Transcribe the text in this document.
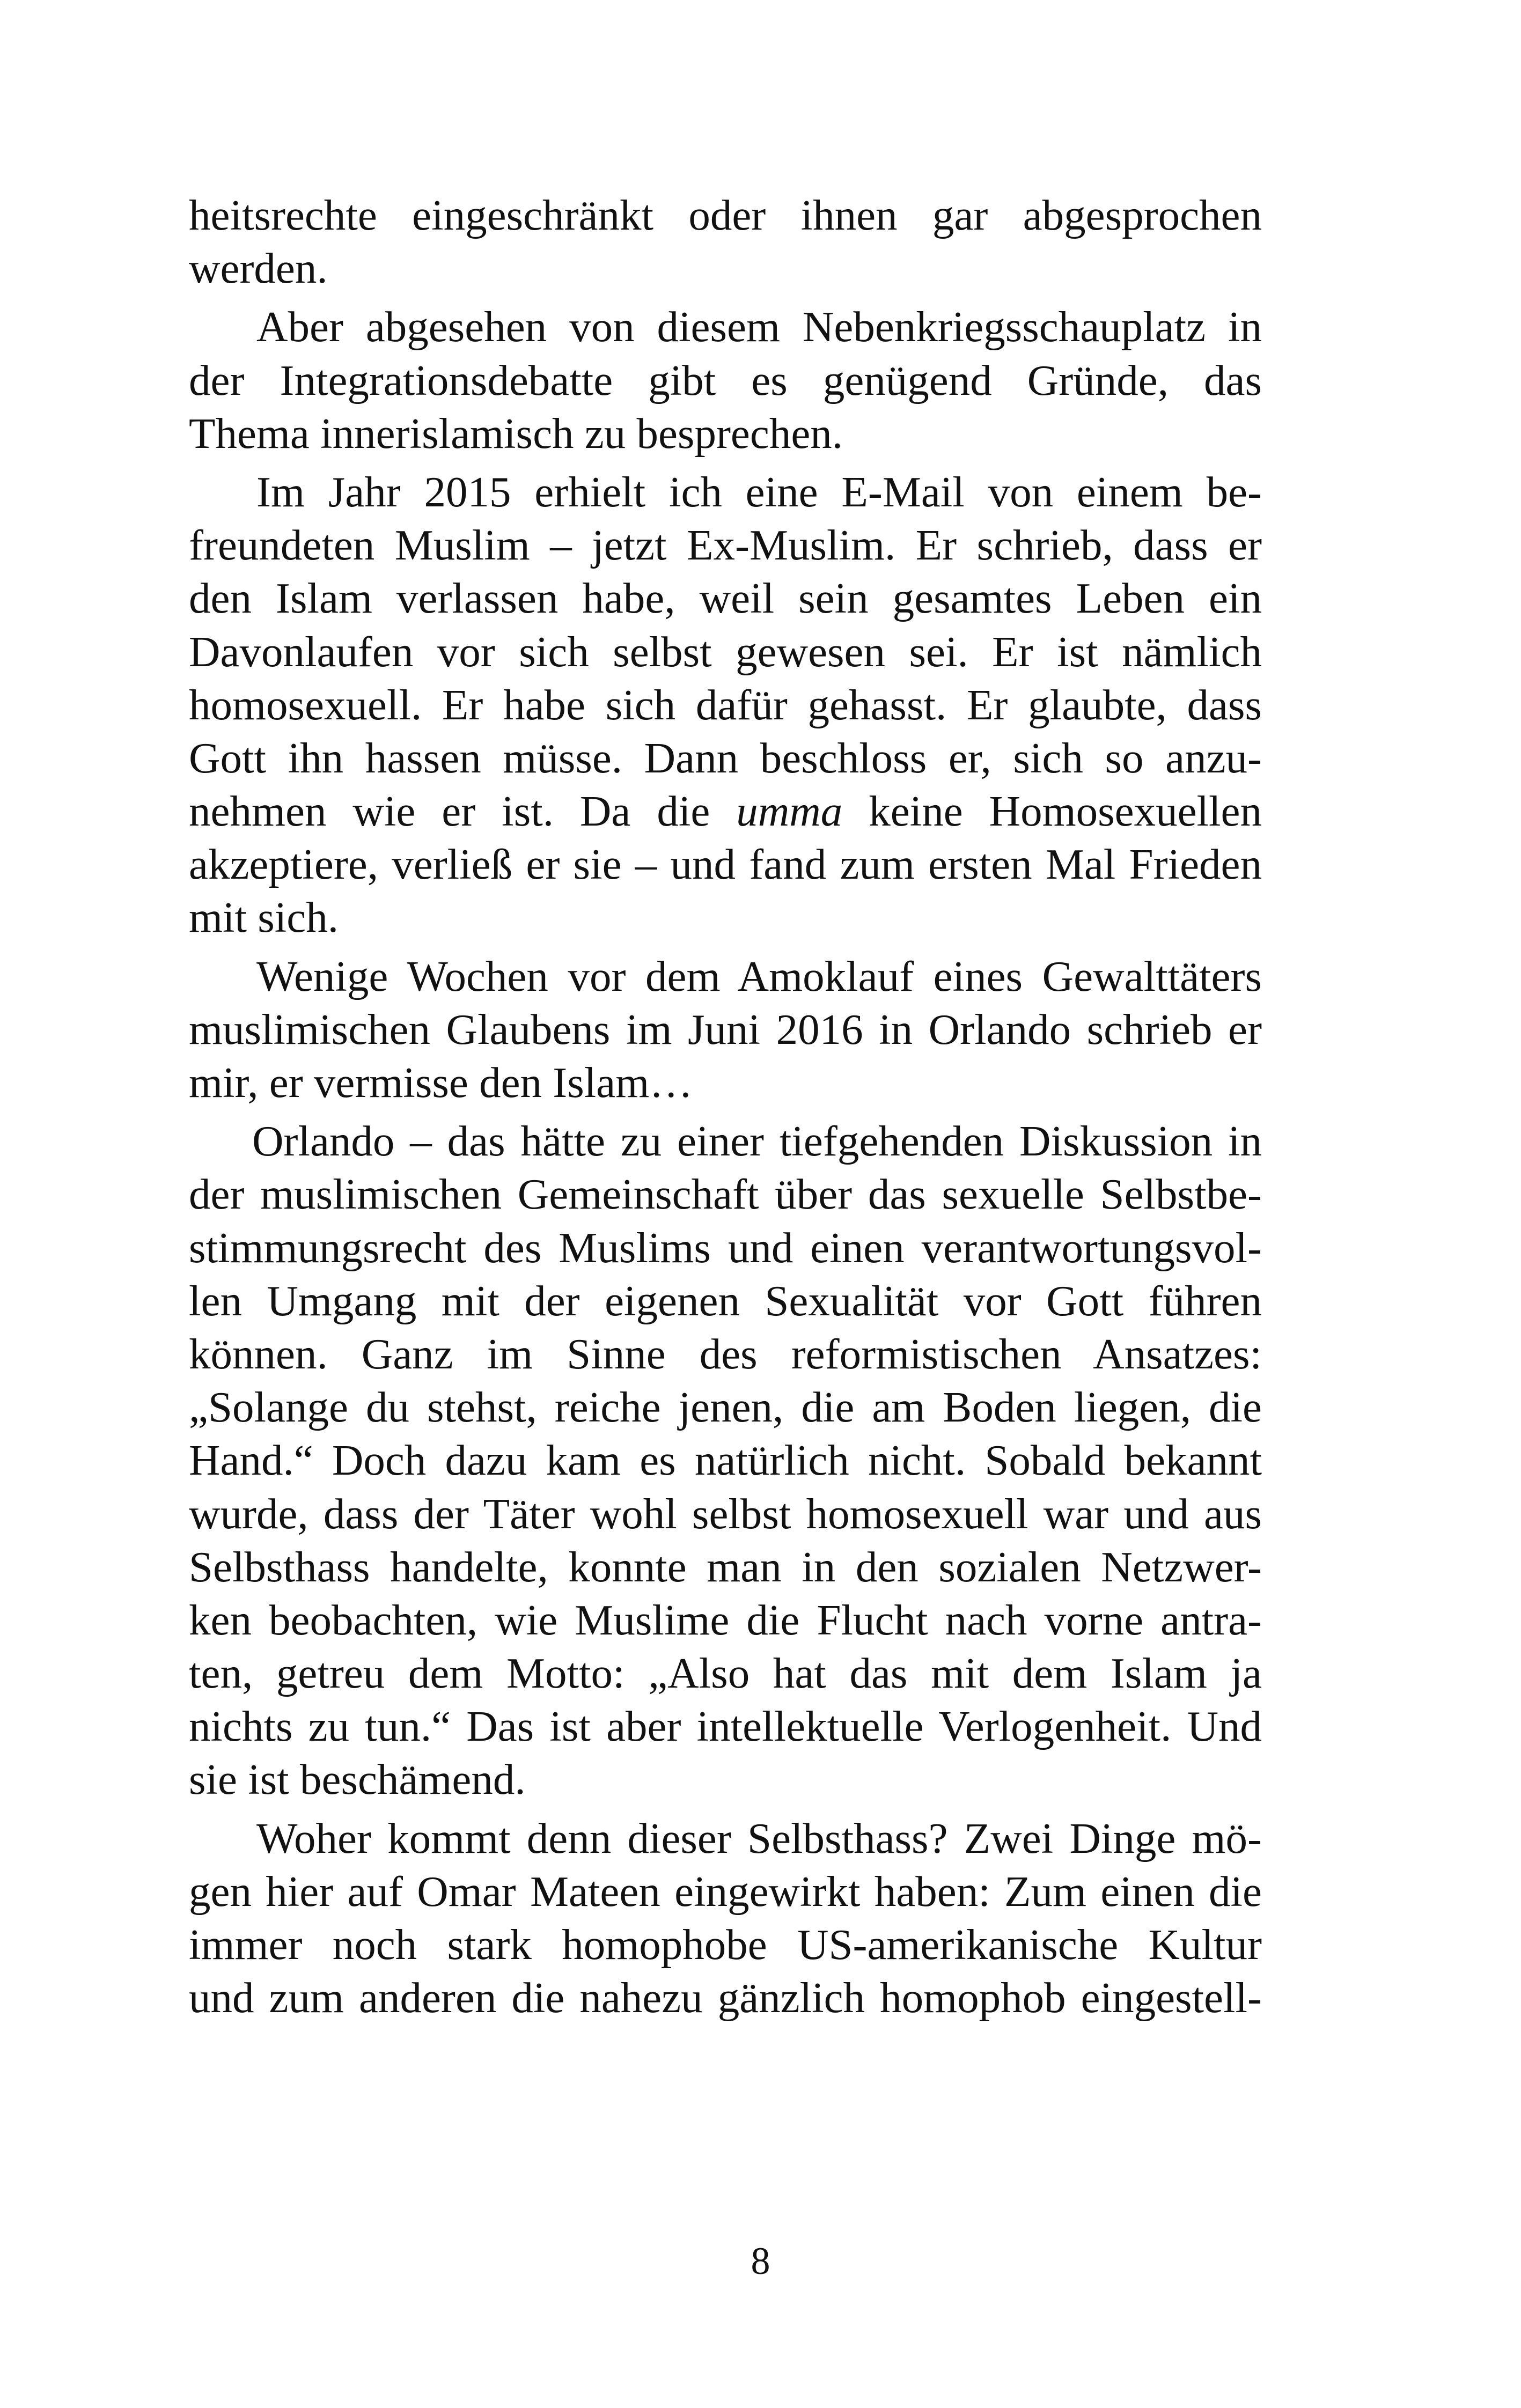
heitsrechte eingeschränkt oder ihnen gar abgesprochen
werden.
Aber abgesehen von diesem Nebenkriegsschauplatz in
der Integrationsdebatte gibt es genügend Gründe, das
Thema innerislamisch zu besprechen.
Im Jahr 2015 erhielt ich eine E-Mail von einem be-
freundeten Muslim – jetzt Ex-Muslim. Er schrieb, dass er
den Islam verlassen habe, weil sein gesamtes Leben ein
Davonlaufen vor sich selbst gewesen sei. Er ist nämlich
homosexuell. Er habe sich dafür gehasst. Er glaubte, dass
Gott ihn hassen müsse. Dann beschloss er, sich so anzu-
nehmen wie er ist. Da die umma keine Homosexuellen
akzeptiere, verließ er sie – und fand zum ersten Mal Frieden
mit sich.
Wenige Wochen vor dem Amoklauf eines Gewalttäters
muslimischen Glaubens im Juni 2016 in Orlando schrieb er
mir, er vermisse den Islam…
Orlando – das hätte zu einer tiefgehenden Diskussion in
der muslimischen Gemeinschaft über das sexuelle Selbstbe-
stimmungsrecht des Muslims und einen verantwortungsvol-
len Umgang mit der eigenen Sexualität vor Gott führen
können. Ganz im Sinne des reformistischen Ansatzes:
„Solange du stehst, reiche jenen, die am Boden liegen, die
Hand.“ Doch dazu kam es natürlich nicht. Sobald bekannt
wurde, dass der Täter wohl selbst homosexuell war und aus
Selbsthass handelte, konnte man in den sozialen Netzwer-
ken beobachten, wie Muslime die Flucht nach vorne antra-
ten, getreu dem Motto: „Also hat das mit dem Islam ja
nichts zu tun.“ Das ist aber intellektuelle Verlogenheit. Und
sie ist beschämend.
Woher kommt denn dieser Selbsthass? Zwei Dinge mö-
gen hier auf Omar Mateen eingewirkt haben: Zum einen die
immer noch stark homophobe US-amerikanische Kultur
und zum anderen die nahezu gänzlich homophob eingestell-
8
